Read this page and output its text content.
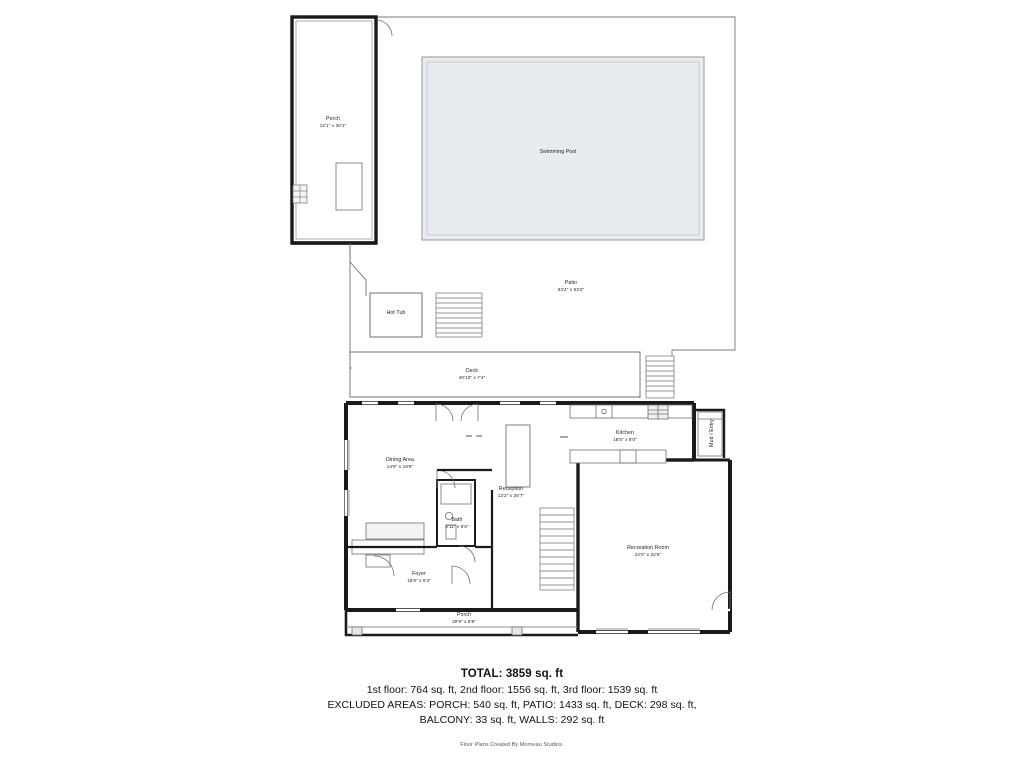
Porch
12'1" x 30'1"
Swimming Pool
Patio
53'4" x 53'2"
Hot Tub
Deck
40'10" x 7'4"
Kitchen
18'5" x 8'0"	Mud / Entry
Dining Area
14'9" x 19'6"
Reception
13'2" x 26'7"
Bath
3'11" x 6'6"
Recreation Room
22'0" x 22'5"
Foyer
16'9" x 6'4"
Porch
30'9" x 5'8"
TOTAL: 3859 sq. ft
1st floor: 764 sq. ft, 2nd floor: 1556 sq. ft, 3rd floor: 1539 sq. ft
EXCLUDED AREAS: PORCH: 540 sq. ft, PATIO: 1433 sq. ft, DECK: 298 sq. ft,
BALCONY: 33 sq. ft, WALLS: 292 sq. ft
Floor Plans Created By Morneau Studios.
